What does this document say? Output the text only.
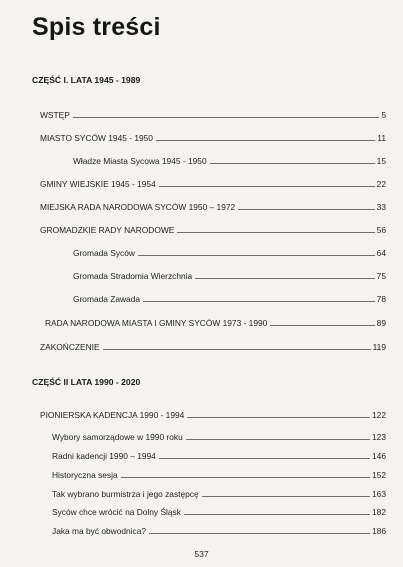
Spis treści
CZĘŚĆ I. LATA 1945 - 1989
WSTĘP	5
MIASTO SYCÓW 1945 - 1950	11
Władze Miasta Sycowa 1945 - 1950	15
GMINY WIEJSKIE 1945 - 1954	22
MIEJSKA RADA NARODOWA SYCÓW 1950 – 1972	33
GROMADZKIE RADY NARODOWE	56
Gromada Syców	64
Gromada Stradomia Wierzchnia	75
Gromada Zawada	78
RADA NARODOWA MIASTA I GMINY SYCÓW 1973 - 1990	89
ZAKOŃCZENIE	119
CZĘŚĆ II LATA 1990 - 2020
PIONIERSKA KADENCJA 1990 - 1994	122
Wybory samorządowe w 1990 roku	123
Radni kadencji 1990 – 1994	146
Historyczna sesja	152
Tak wybrano burmistrza i jego zastępcę	163
Syców chce wrócić na Dolny Śląsk	182
Jaka ma być obwodnica?	186
537
